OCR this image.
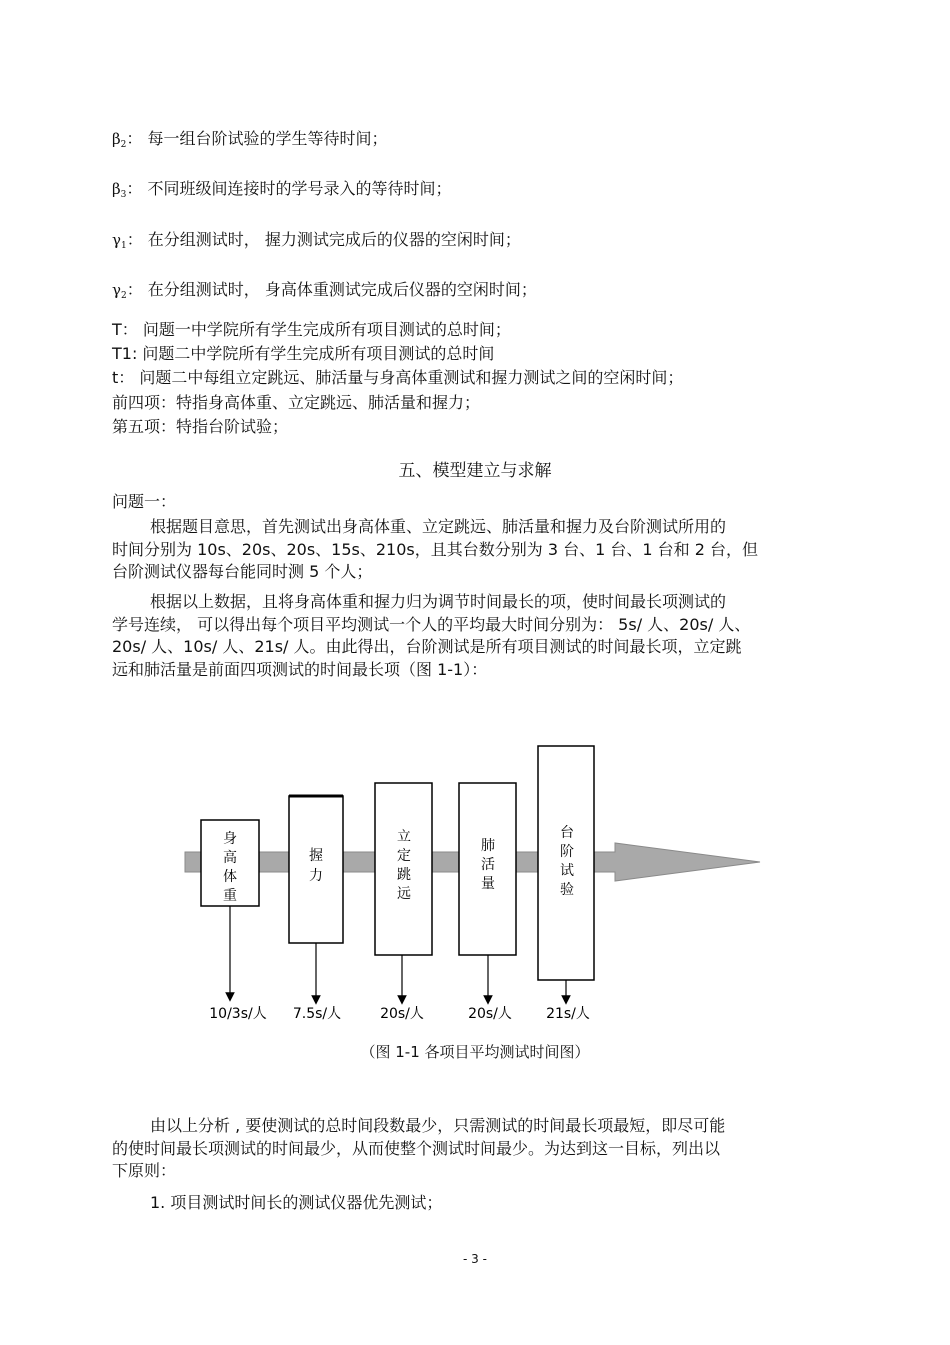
$\beta_2$： 每一组台阶试验的学生等待时间；
$\beta_3$： 不同班级间连接时的学号录入的等待时间；
$\gamma_1$： 在分组测试时， 握力测试完成后的仪器的空闲时间；
$\gamma_2$： 在分组测试时， 身高体重测试完成后仪器的空闲时间；
T： 问题一中学院所有学生完成所有项目测试的总时间；
T1: 问题二中学院所有学生完成所有项目测试的总时间
t： 问题二中每组立定跳远、肺活量与身高体重测试和握力测试之间的空闲时间；
前四项：特指身高体重、立定跳远、肺活量和握力；
第五项：特指台阶试验；
五、模型建立与求解
问题一：
根据题目意思，首先测试出身高体重、立定跳远、肺活量和握力及台阶测试所用的
时间分别为 10s、20s、20s、15s、210s，且其台数分别为 3 台、1 台、1 台和 2 台，但
台阶测试仪器每台能同时测 5 个人；
根据以上数据，且将身高体重和握力归为调节时间最长的项，使时间最长项测试的
学号连续， 可以得出每个项目平均测试一个人的平均最大时间分别为： 5s/ 人、20s/ 人、
20s/ 人、10s/ 人、21s/ 人。由此得出，台阶测试是所有项目测试的时间最长项，立定跳
远和肺活量是前面四项测试的时间最长项（图 1-1）：
身
高
体
重
10/3s/人
握
力
7.5s/人
立
定
跳
远
20s/人
肺
活
量
20s/人
台
阶
试
验
21s/人
（图 1-1 各项目平均测试时间图）
由以上分析 , 要使测试的总时间段数最少，只需测试的时间最长项最短，即尽可能
的使时间最长项测试的时间最少，从而使整个测试时间最少。为达到这一目标，列出以
下原则：
1. 项目测试时间长的测试仪器优先测试；
- 3 -
